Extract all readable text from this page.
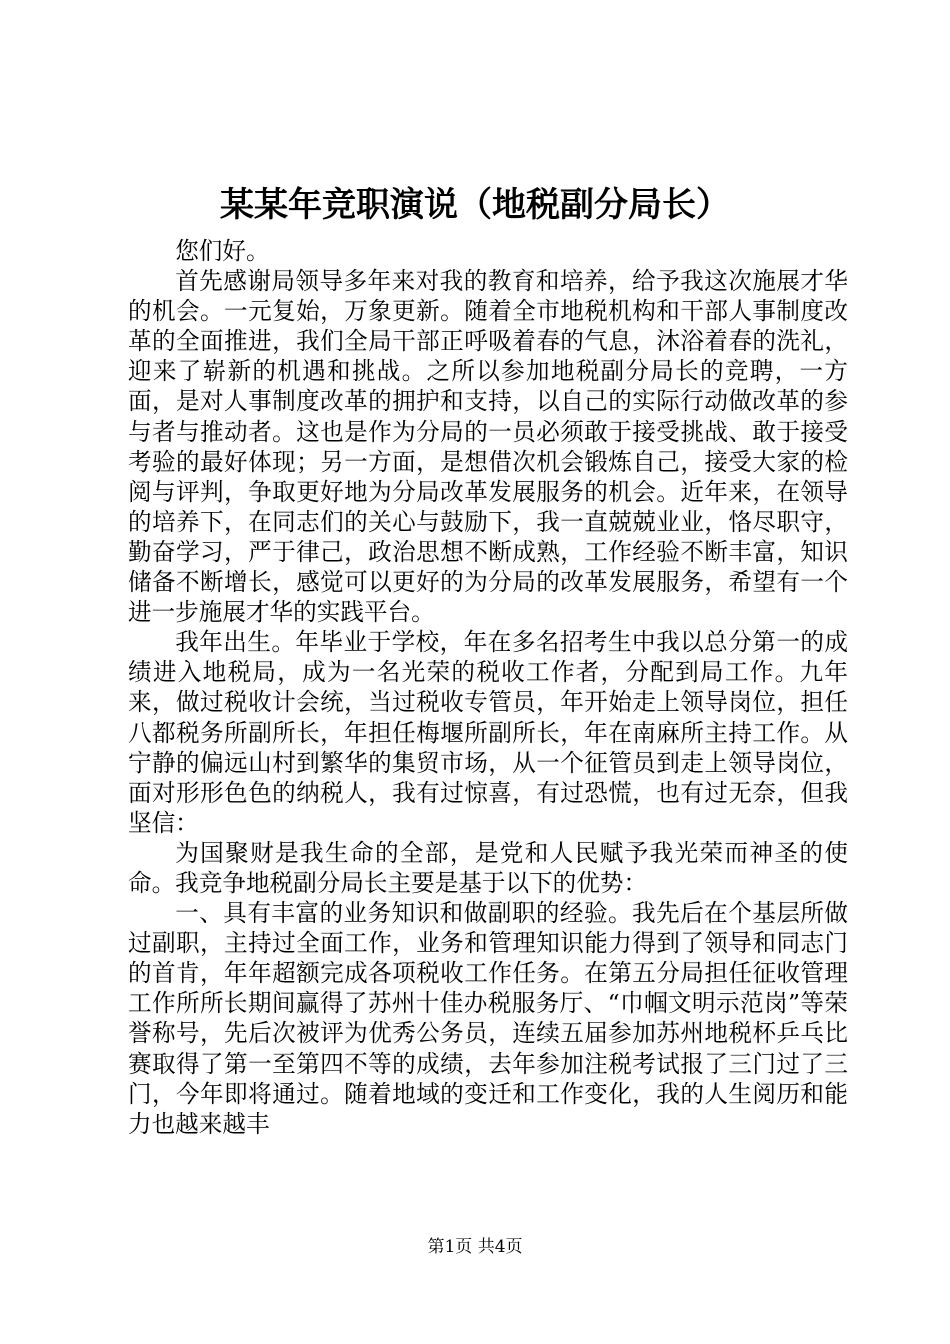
某某年竞职演说（地税副分局长）

您们好。

首先感谢局领导多年来对我的教育和培养，给予我这次施展才华的机会。一元复始，万象更新。随着全市地税机构和干部人事制度改革的全面推进，我们全局干部正呼吸着春的气息，沐浴着春的洗礼，迎来了崭新的机遇和挑战。之所以参加地税副分局长的竞聘，一方面，是对人事制度改革的拥护和支持，以自己的实际行动做改革的参与者与推动者。这也是作为分局的一员必须敢于接受挑战、敢于接受考验的最好体现；另一方面，是想借次机会锻炼自己，接受大家的检阅与评判，争取更好地为分局改革发展服务的机会。近年来，在领导的培养下，在同志们的关心与鼓励下，我一直兢兢业业，恪尽职守，勤奋学习，严于律己，政治思想不断成熟，工作经验不断丰富，知识储备不断增长，感觉可以更好的为分局的改革发展服务，希望有一个进一步施展才华的实践平台。

我年出生。年毕业于学校，年在多名招考生中我以总分第一的成绩进入地税局，成为一名光荣的税收工作者，分配到局工作。九年来，做过税收计会统，当过税收专管员，年开始走上领导岗位，担任八都税务所副所长，年担任梅堰所副所长，年在南麻所主持工作。从宁静的偏远山村到繁华的集贸市场，从一个征管员到走上领导岗位，面对形形色色的纳税人，我有过惊喜，有过恐慌，也有过无奈，但我坚信：

为国聚财是我生命的全部，是党和人民赋予我光荣而神圣的使命。我竞争地税副分局长主要是基于以下的优势：

一、具有丰富的业务知识和做副职的经验。我先后在个基层所做过副职，主持过全面工作，业务和管理知识能力得到了领导和同志门的首肯，年年超额完成各项税收工作任务。在第五分局担任征收管理工作所所长期间赢得了苏州十佳办税服务厅、“巾帼文明示范岗”等荣誉称号，先后次被评为优秀公务员，连续五届参加苏州地税杯乒乓比赛取得了第一至第四不等的成绩，去年参加注税考试报了三门过了三门，今年即将通过。随着地域的变迁和工作变化，我的人生阅历和能力也越来越丰

第1页 共4页
